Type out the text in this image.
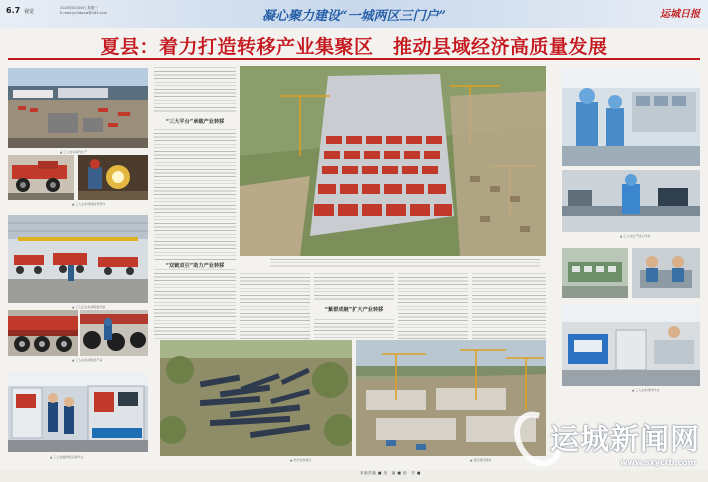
6.7 视觉
2020年8月26日 星期三
E-mail:ycrbtpxw@163.com	凝心聚力建设“一城两区三门户”	运城日报
夏县：着力打造转移产业集聚区　推动县域经济高质量发展
▲ 工人在车间内生产
▲ 工人在车间焊接零部件
▲ 工人正在车间组装设备
▲ 工人在车间组装产品
▲ 工人在数控机床前作业
“三大平台”承载产业转移
“双链双引”助力产业转移
“紫群成链”扩大产业转移
▲ 光伏发电项目	▲ 项目建设现场
▲ 工人在生产线上作业
▲ 工人在车间内作业
本版责编 ■ 美　编 ■ 校　对 ■
运城新闻网
www.sxycrb.com
